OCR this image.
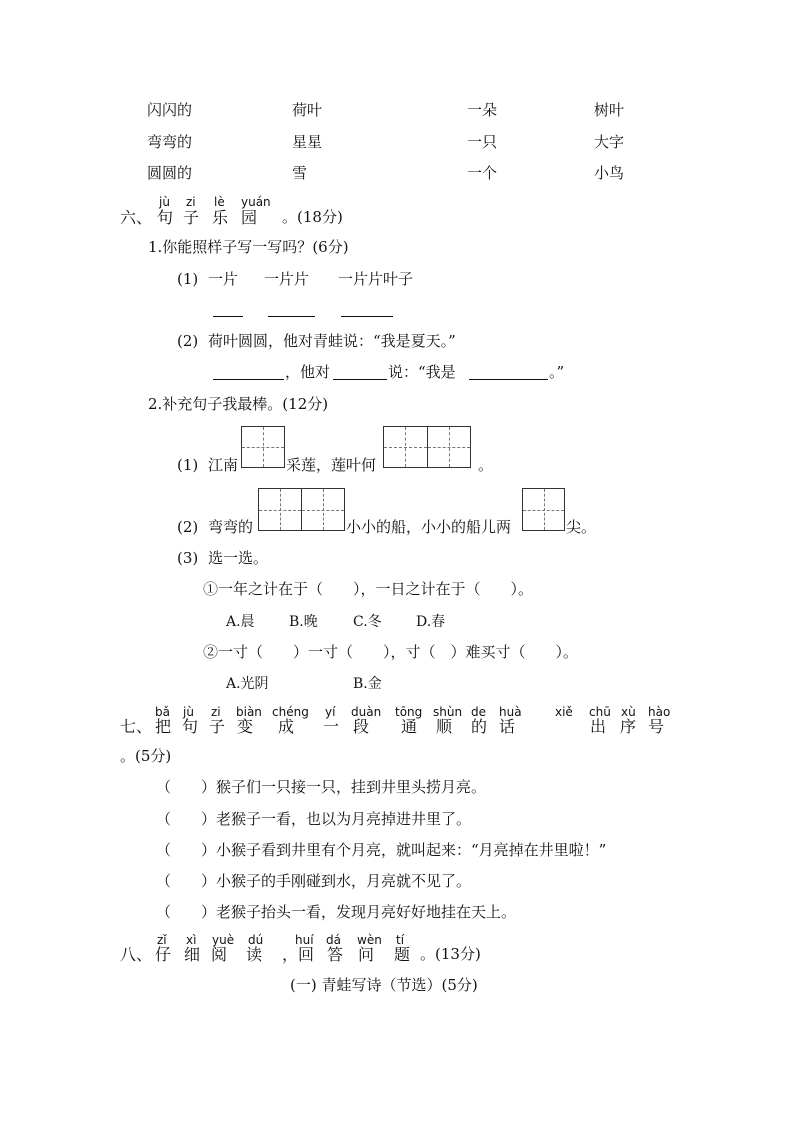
闪闪的	荷叶	一朵	树叶
弯弯的	星星	一只	大字
圆圆的	雪	一个	小鸟
jù zi lè yuán
六、 句 子 乐 园 。(18分)
1.你能照样子写一写吗？(6分)
(1) 一片 一片片 一片片叶子
(2) 荷叶圆圆，他对青蛙说：“我是夏天。”
，他对	说：“我是	。”
2.补充句子我最棒。(12分)
(1) 江南	采莲，莲叶何	。
(2) 弯弯的	小小的船，小小的船儿两	尖。
(3) 选一选。
①一年之计在于（　　），一日之计在于（　　）。
A.晨 B.晚	C.冬 D.春
②一寸（　　）一寸（　　），寸（　）难买寸（　　）。
A.光阴	B.金
bǎ jù zi biàn chéng yí duàn tōng shùn de huà	xiě chū xù hào
七、 把 句 子 变 成 一 段 通 顺 的 话	出 序 号
。(5分)
（　　）猴子们一只接一只，挂到井里头捞月亮。
（　　）老猴子一看，也以为月亮掉进井里了。
（　　）小猴子看到井里有个月亮，就叫起来：“月亮掉在井里啦！”
（　　）小猴子的手刚碰到水，月亮就不见了。
（　　）老猴子抬头一看，发现月亮好好地挂在天上。
zǐ xì yuè dú	huí dá wèn tí
八、 仔 细 阅 读 ，回 答 问 题 。(13分)
(一) 青蛙写诗（节选）(5分)
